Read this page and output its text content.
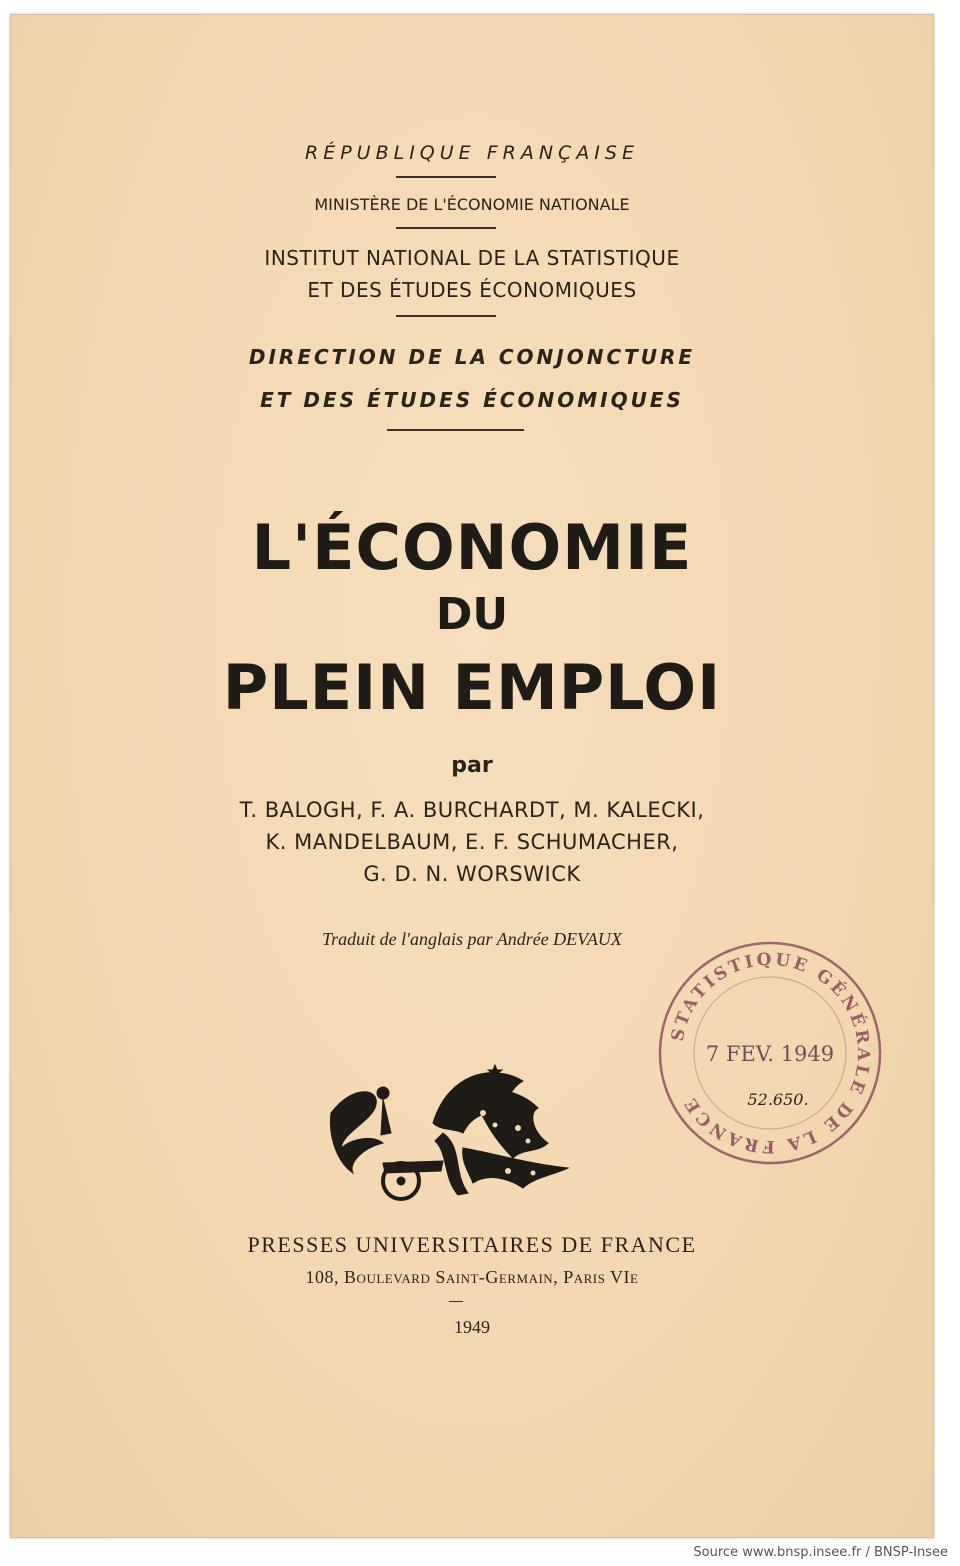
RÉPUBLIQUE FRANÇAISE
MINISTÈRE DE L'ÉCONOMIE NATIONALE
INSTITUT NATIONAL DE LA STATISTIQUE
ET DES ÉTUDES ÉCONOMIQUES
DIRECTION DE LA CONJONCTURE
ET DES ÉTUDES ÉCONOMIQUES
L'ÉCONOMIE
DU
PLEIN EMPLOI
par
T. BALOGH, F. A. BURCHARDT, M. KALECKI,
K. MANDELBAUM, E. F. SCHUMACHER,
G. D. N. WORSWICK
Traduit de l'anglais par Andrée DEVAUX
STATISTIQUE GÉNÉRALE DE LA FRANCE
7 FEV. 1949
52.650.
PRESSES UNIVERSITAIRES DE FRANCE
108, Boulevard Saint-Germain, Paris VIe
1949
Source www.bnsp.insee.fr / BNSP-Insee
